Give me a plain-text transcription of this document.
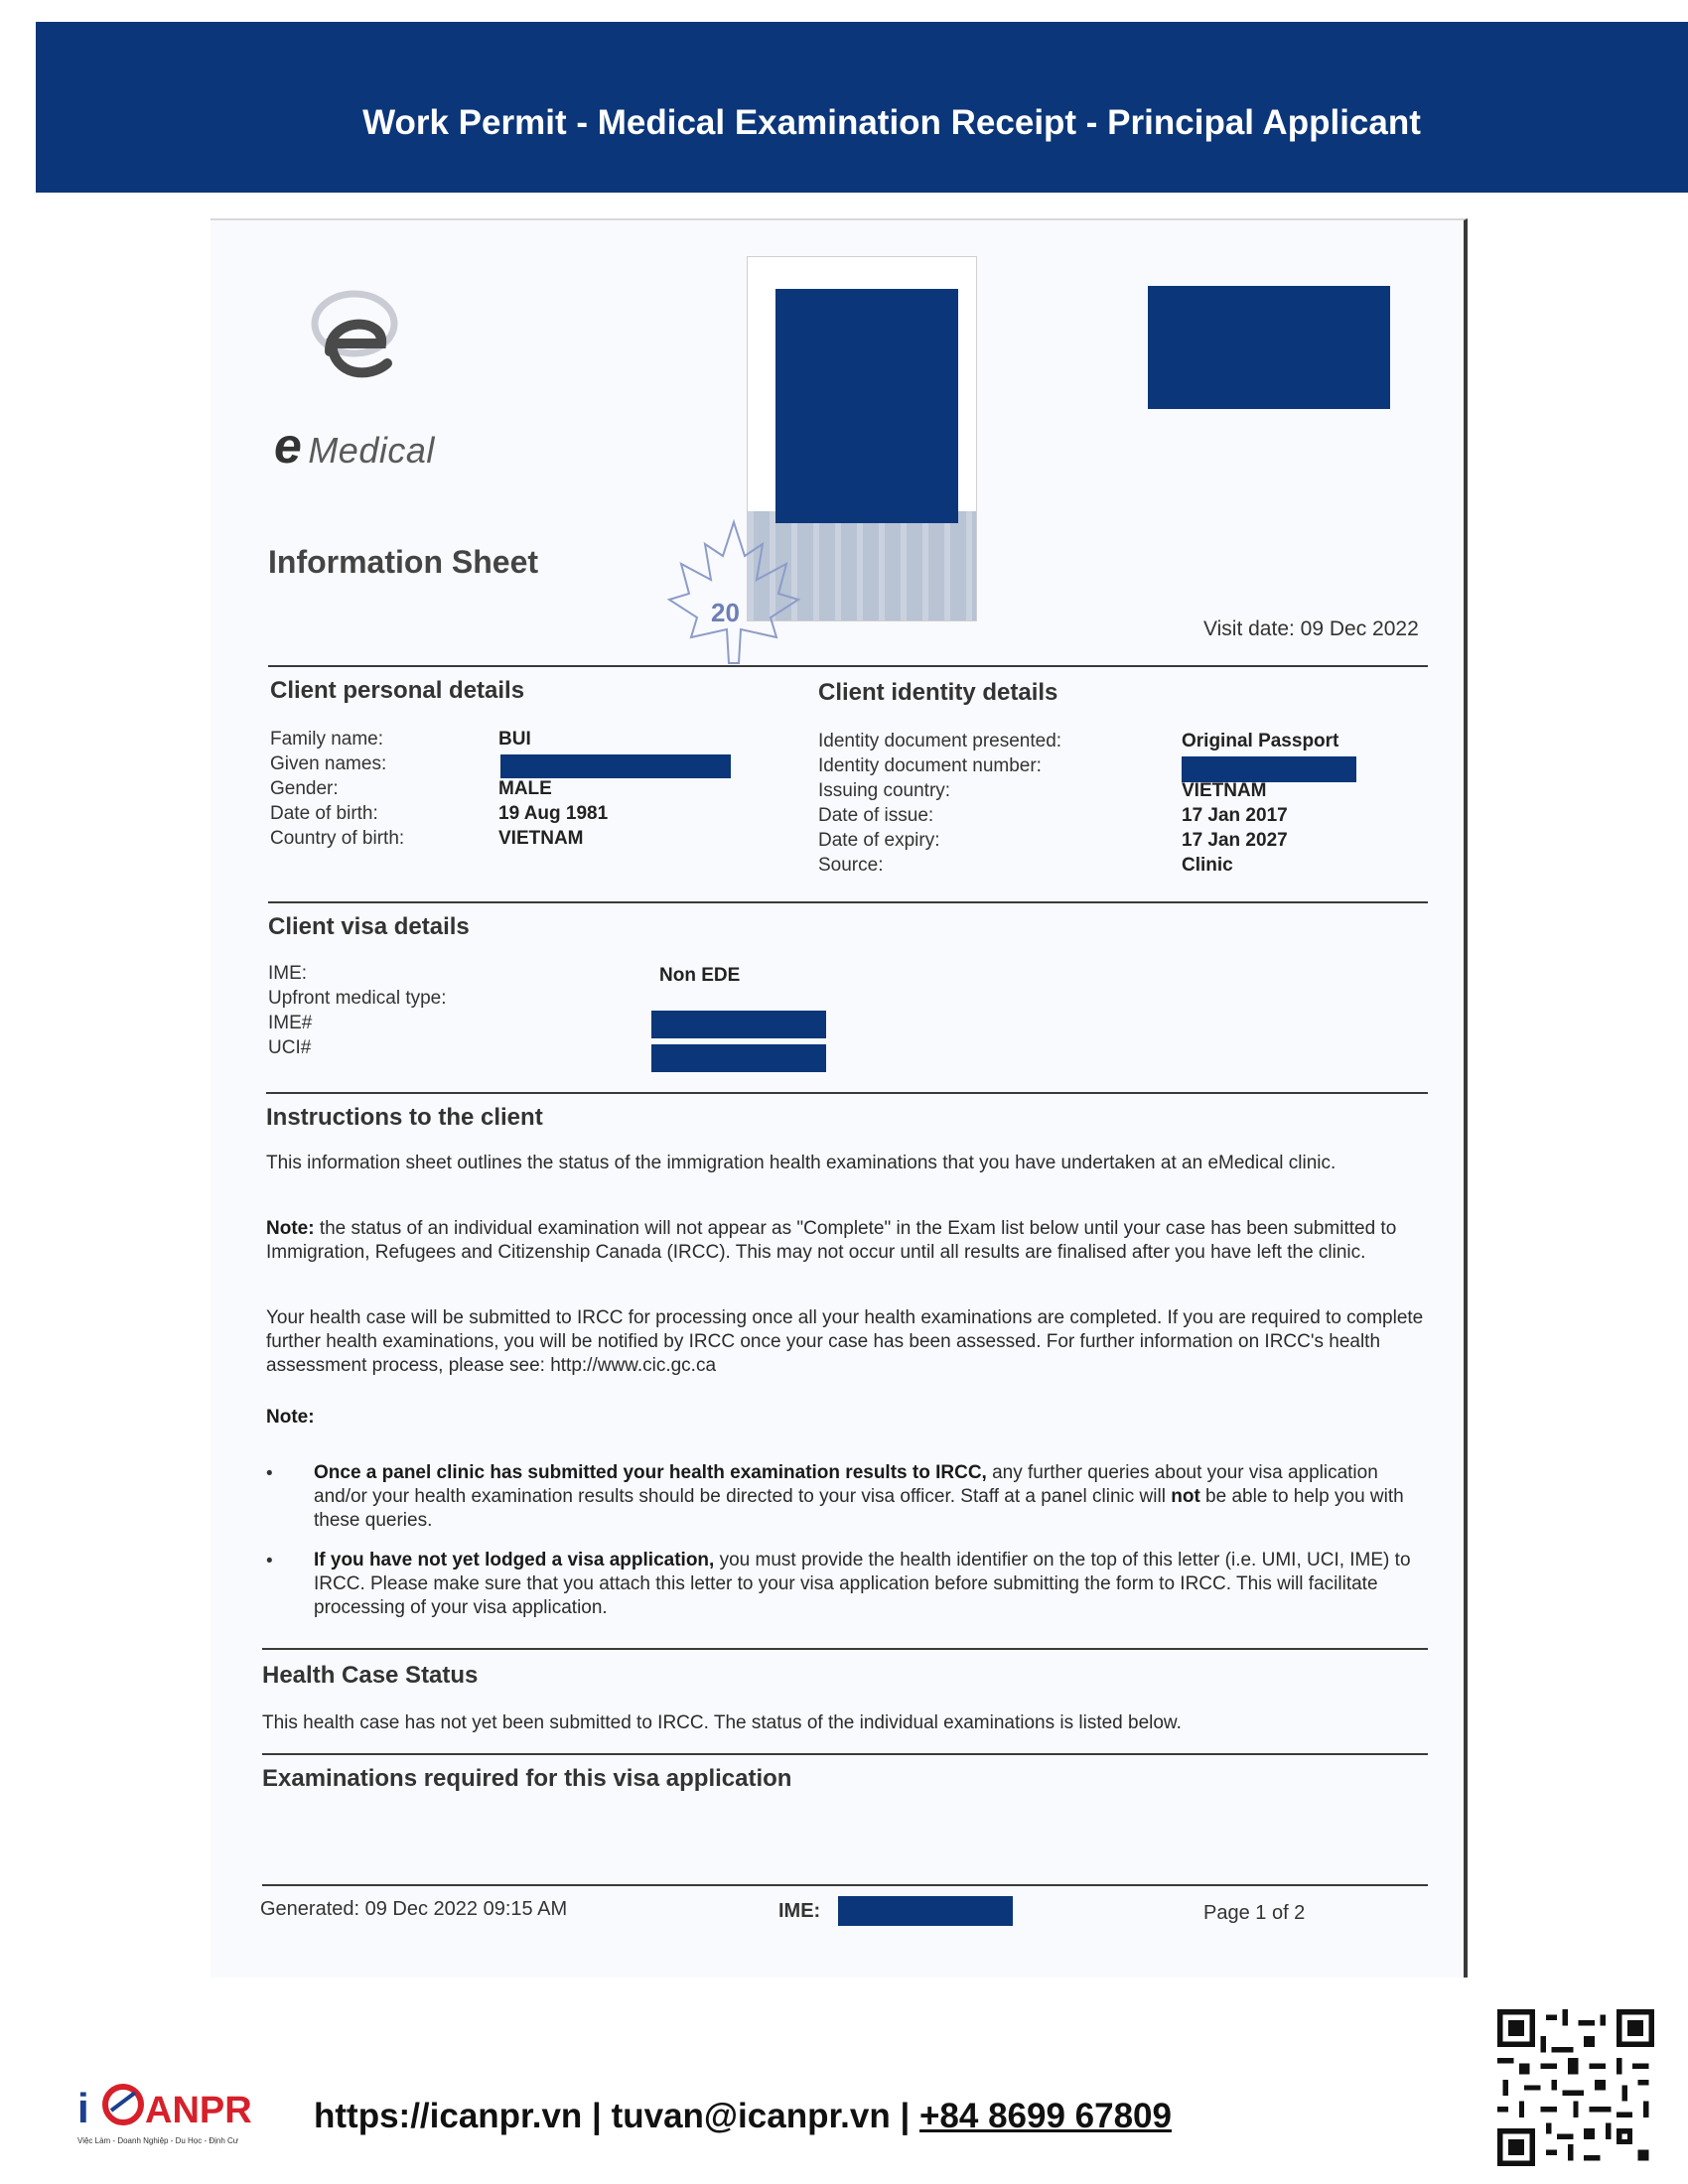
Work Permit - Medical Examination Receipt - Principal Applicant
e Medical
20
Information Sheet
Visit date: 09 Dec 2022
Client personal details
Family name:	BUI
Given names:
Gender:	MALE
Date of birth:	19 Aug 1981
Country of birth:	VIETNAM
Client identity details
Identity document presented:	Original Passport
Identity document number:
Issuing country:	VIETNAM
Date of issue:	17 Jan 2017
Date of expiry:	17 Jan 2027
Source:	Clinic
Client visa details
IME:	Non EDE
Upfront medical type:
IME#
UCI#
Instructions to the client
This information sheet outlines the status of the immigration health examinations that you have undertaken at an eMedical clinic.
Note: the status of an individual examination will not appear as "Complete" in the Exam list below until your case has been submitted to Immigration, Refugees and Citizenship Canada (IRCC). This may not occur until all results are finalised after you have left the clinic.
Your health case will be submitted to IRCC for processing once all your health examinations are completed. If you are required to complete further health examinations, you will be notified by IRCC once your case has been assessed. For further information on IRCC's health assessment process, please see: http://www.cic.gc.ca
Note:
• Once a panel clinic has submitted your health examination results to IRCC, any further queries about your visa application and/or your health examination results should be directed to your visa officer. Staff at a panel clinic will not be able to help you with these queries.
• If you have not yet lodged a visa application, you must provide the health identifier on the top of this letter (i.e. UMI, UCI, IME) to IRCC. Please make sure that you attach this letter to your visa application before submitting the form to IRCC. This will facilitate processing of your visa application.
Health Case Status
This health case has not yet been submitted to IRCC. The status of the individual examinations is listed below.
Examinations required for this visa application
Generated: 09 Dec 2022 09:15 AM	IME:	Page 1 of 2
i ANPR
Việc Làm - Doanh Nghiệp - Du Học - Định Cư
https://icanpr.vn | tuvan@icanpr.vn | +84 8699 67809
